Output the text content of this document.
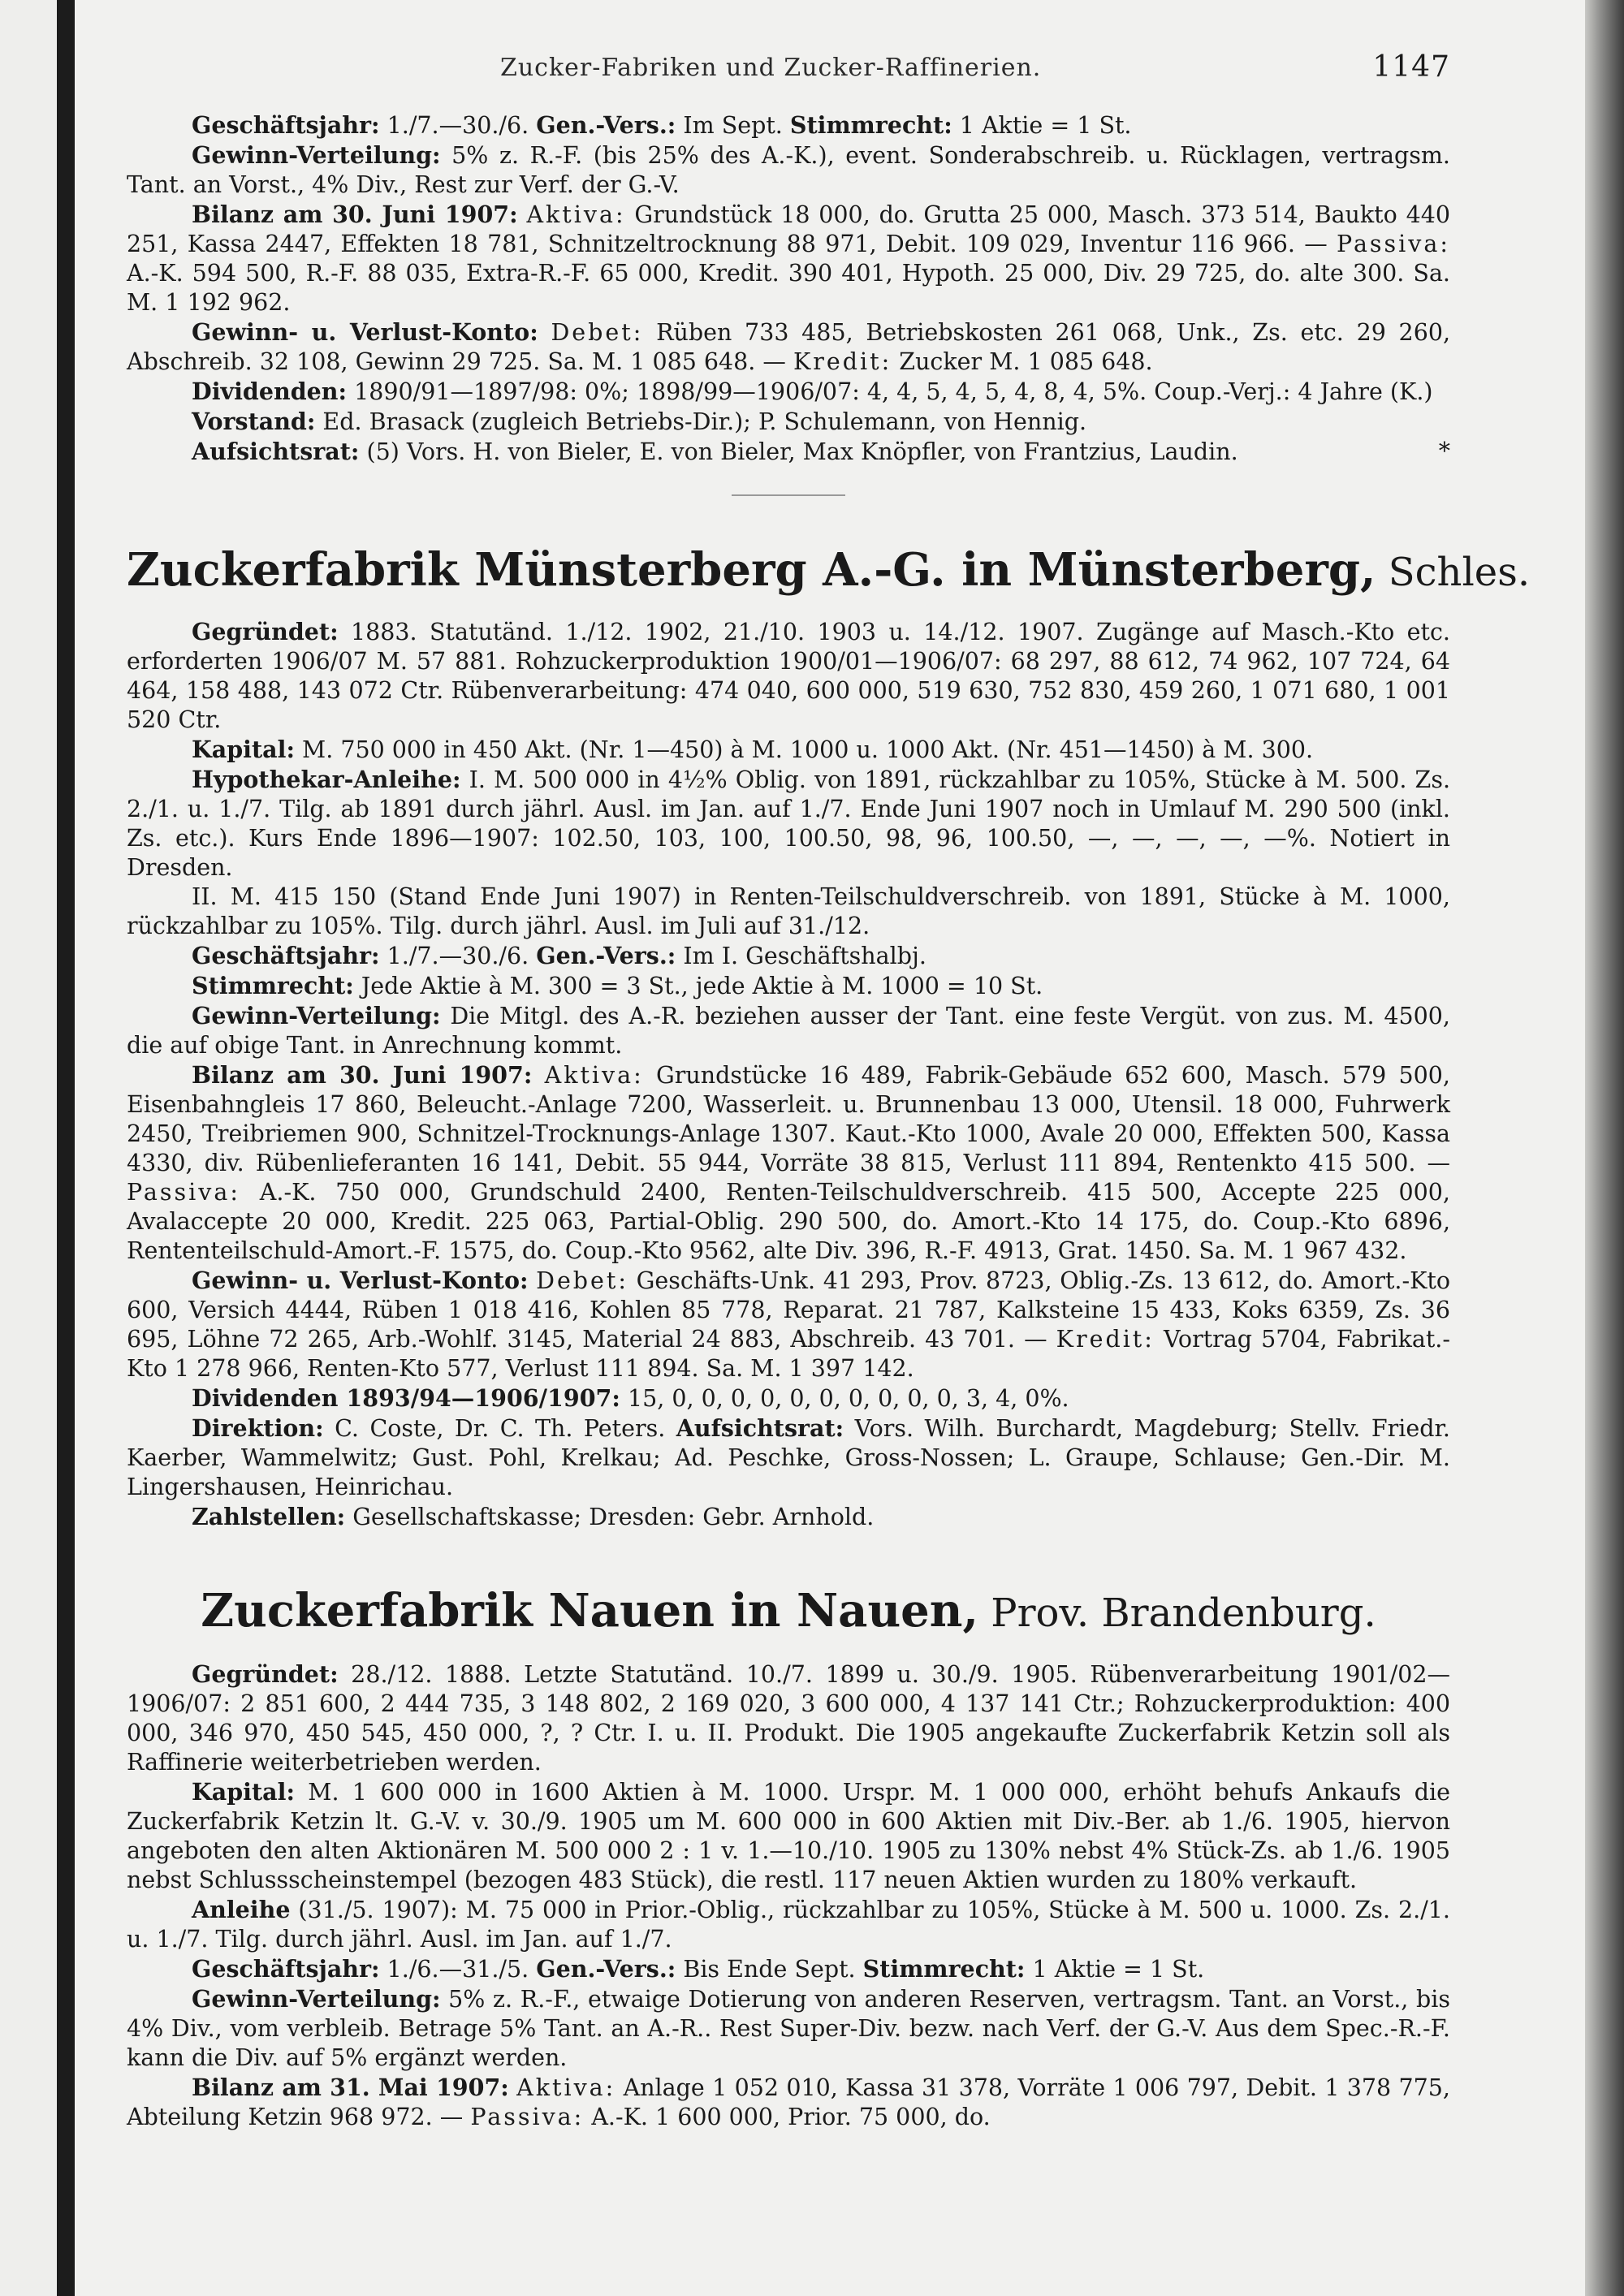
Zucker-Fabriken und Zucker-Raffinerien.	1147

Geschäftsjahr: 1./7.—30./6. Gen.-Vers.: Im Sept. Stimmrecht: 1 Aktie = 1 St.

Gewinn-Verteilung: 5% z. R.-F. (bis 25% des A.-K.), event. Sonderabschreib. u. Rücklagen, vertragsm. Tant. an Vorst., 4% Div., Rest zur Verf. der G.-V.

Bilanz am 30. Juni 1907: Aktiva: Grundstück 18 000, do. Grutta 25 000, Masch. 373 514, Baukto 440 251, Kassa 2447, Effekten 18 781, Schnitzeltrocknung 88 971, Debit. 109 029, Inventur 116 966. — Passiva: A.-K. 594 500, R.-F. 88 035, Extra-R.-F. 65 000, Kredit. 390 401, Hypoth. 25 000, Div. 29 725, do. alte 300. Sa. M. 1 192 962.

Gewinn- u. Verlust-Konto: Debet: Rüben 733 485, Betriebskosten 261 068, Unk., Zs. etc. 29 260, Abschreib. 32 108, Gewinn 29 725. Sa. M. 1 085 648. — Kredit: Zucker M. 1 085 648.

Dividenden: 1890/91—1897/98: 0%; 1898/99—1906/07: 4, 4, 5, 4, 5, 4, 8, 4, 5%. Coup.-Verj.: 4 Jahre (K.)

Vorstand: Ed. Brasack (zugleich Betriebs-Dir.); P. Schulemann, von Hennig.

Aufsichtsrat: (5) Vors. H. von Bieler, E. von Bieler, Max Knöpfler, von Frantzius, Laudin.	*

Zuckerfabrik Münsterberg A.-G. in Münsterberg, Schles.

Gegründet: 1883. Statutänd. 1./12. 1902, 21./10. 1903 u. 14./12. 1907. Zugänge auf Masch.-Kto etc. erforderten 1906/07 M. 57 881. Rohzuckerproduktion 1900/01—1906/07: 68 297, 88 612, 74 962, 107 724, 64 464, 158 488, 143 072 Ctr. Rübenverarbeitung: 474 040, 600 000, 519 630, 752 830, 459 260, 1 071 680, 1 001 520 Ctr.

Kapital: M. 750 000 in 450 Akt. (Nr. 1—450) à M. 1000 u. 1000 Akt. (Nr. 451—1450) à M. 300.

Hypothekar-Anleihe: I. M. 500 000 in 4½% Oblig. von 1891, rückzahlbar zu 105%, Stücke à M. 500. Zs. 2./1. u. 1./7. Tilg. ab 1891 durch jährl. Ausl. im Jan. auf 1./7. Ende Juni 1907 noch in Umlauf M. 290 500 (inkl. Zs. etc.). Kurs Ende 1896—1907: 102.50, 103, 100, 100.50, 98, 96, 100.50, —, —, —, —, —%. Notiert in Dresden.

II. M. 415 150 (Stand Ende Juni 1907) in Renten-Teilschuldverschreib. von 1891, Stücke à M. 1000, rückzahlbar zu 105%. Tilg. durch jährl. Ausl. im Juli auf 31./12.

Geschäftsjahr: 1./7.—30./6. Gen.-Vers.: Im I. Geschäftshalbj.

Stimmrecht: Jede Aktie à M. 300 = 3 St., jede Aktie à M. 1000 = 10 St.

Gewinn-Verteilung: Die Mitgl. des A.-R. beziehen ausser der Tant. eine feste Vergüt. von zus. M. 4500, die auf obige Tant. in Anrechnung kommt.

Bilanz am 30. Juni 1907: Aktiva: Grundstücke 16 489, Fabrik-Gebäude 652 600, Masch. 579 500, Eisenbahngleis 17 860, Beleucht.-Anlage 7200, Wasserleit. u. Brunnenbau 13 000, Utensil. 18 000, Fuhrwerk 2450, Treibriemen 900, Schnitzel-Trocknungs-Anlage 1307. Kaut.-Kto 1000, Avale 20 000, Effekten 500, Kassa 4330, div. Rübenlieferanten 16 141, Debit. 55 944, Vorräte 38 815, Verlust 111 894, Rentenkto 415 500. — Passiva: A.-K. 750 000, Grundschuld 2400, Renten-Teilschuldverschreib. 415 500, Accepte 225 000, Avalaccepte 20 000, Kredit. 225 063, Partial-Oblig. 290 500, do. Amort.-Kto 14 175, do. Coup.-Kto 6896, Rententeilschuld-Amort.-F. 1575, do. Coup.-Kto 9562, alte Div. 396, R.-F. 4913, Grat. 1450. Sa. M. 1 967 432.

Gewinn- u. Verlust-Konto: Debet: Geschäfts-Unk. 41 293, Prov. 8723, Oblig.-Zs. 13 612, do. Amort.-Kto 600, Versich 4444, Rüben 1 018 416, Kohlen 85 778, Reparat. 21 787, Kalksteine 15 433, Koks 6359, Zs. 36 695, Löhne 72 265, Arb.-Wohlf. 3145, Material 24 883, Abschreib. 43 701. — Kredit: Vortrag 5704, Fabrikat.-Kto 1 278 966, Renten-Kto 577, Verlust 111 894. Sa. M. 1 397 142.

Dividenden 1893/94—1906/1907: 15, 0, 0, 0, 0, 0, 0, 0, 0, 0, 0, 3, 4, 0%.

Direktion: C. Coste, Dr. C. Th. Peters. Aufsichtsrat: Vors. Wilh. Burchardt, Magdeburg; Stellv. Friedr. Kaerber, Wammelwitz; Gust. Pohl, Krelkau; Ad. Peschke, Gross-Nossen; L. Graupe, Schlause; Gen.-Dir. M. Lingershausen, Heinrichau.

Zahlstellen: Gesellschaftskasse; Dresden: Gebr. Arnhold.

Zuckerfabrik Nauen in Nauen, Prov. Brandenburg.

Gegründet: 28./12. 1888. Letzte Statutänd. 10./7. 1899 u. 30./9. 1905. Rübenverarbeitung 1901/02—1906/07: 2 851 600, 2 444 735, 3 148 802, 2 169 020, 3 600 000, 4 137 141 Ctr.; Rohzuckerproduktion: 400 000, 346 970, 450 545, 450 000, ?, ? Ctr. I. u. II. Produkt. Die 1905 angekaufte Zuckerfabrik Ketzin soll als Raffinerie weiterbetrieben werden.

Kapital: M. 1 600 000 in 1600 Aktien à M. 1000. Urspr. M. 1 000 000, erhöht behufs Ankaufs die Zuckerfabrik Ketzin lt. G.-V. v. 30./9. 1905 um M. 600 000 in 600 Aktien mit Div.-Ber. ab 1./6. 1905, hiervon angeboten den alten Aktionären M. 500 000 2 : 1 v. 1.—10./10. 1905 zu 130% nebst 4% Stück-Zs. ab 1./6. 1905 nebst Schlussscheinstempel (bezogen 483 Stück), die restl. 117 neuen Aktien wurden zu 180% verkauft.

Anleihe (31./5. 1907): M. 75 000 in Prior.-Oblig., rückzahlbar zu 105%, Stücke à M. 500 u. 1000. Zs. 2./1. u. 1./7. Tilg. durch jährl. Ausl. im Jan. auf 1./7.

Geschäftsjahr: 1./6.—31./5. Gen.-Vers.: Bis Ende Sept. Stimmrecht: 1 Aktie = 1 St.

Gewinn-Verteilung: 5% z. R.-F., etwaige Dotierung von anderen Reserven, vertragsm. Tant. an Vorst., bis 4% Div., vom verbleib. Betrage 5% Tant. an A.-R.. Rest Super-Div. bezw. nach Verf. der G.-V. Aus dem Spec.-R.-F. kann die Div. auf 5% ergänzt werden.

Bilanz am 31. Mai 1907: Aktiva: Anlage 1 052 010, Kassa 31 378, Vorräte 1 006 797, Debit. 1 378 775, Abteilung Ketzin 968 972. — Passiva: A.-K. 1 600 000, Prior. 75 000, do.
